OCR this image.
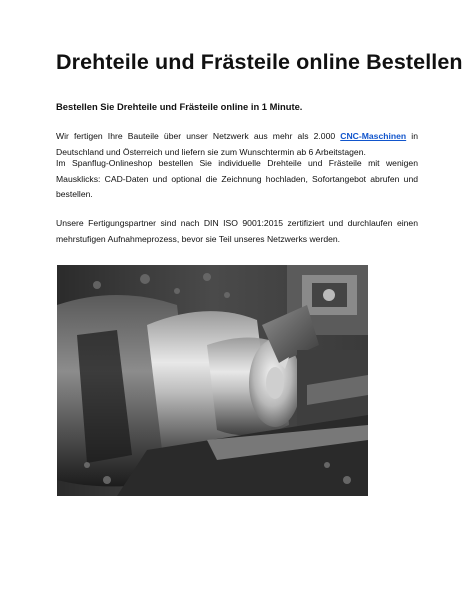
Drehteile und Frästeile online Bestellen

Bestellen Sie Drehteile und Frästeile online in 1 Minute.

Wir fertigen Ihre Bauteile über unser Netzwerk aus mehr als 2.000 CNC-Maschinen in Deutschland und Österreich und liefern sie zum Wunschtermin ab 6 Arbeitstagen.

Im Spanflug-Onlineshop bestellen Sie individuelle Drehteile und Frästeile mit wenigen Mausklicks: CAD-Daten und optional die Zeichnung hochladen, Sofortangebot abrufen und bestellen.

Unsere Fertigungspartner sind nach DIN ISO 9001:2015 zertifiziert und durchlaufen einen mehrstufigen Aufnahmeprozess, bevor sie Teil unseres Netzwerks werden.
